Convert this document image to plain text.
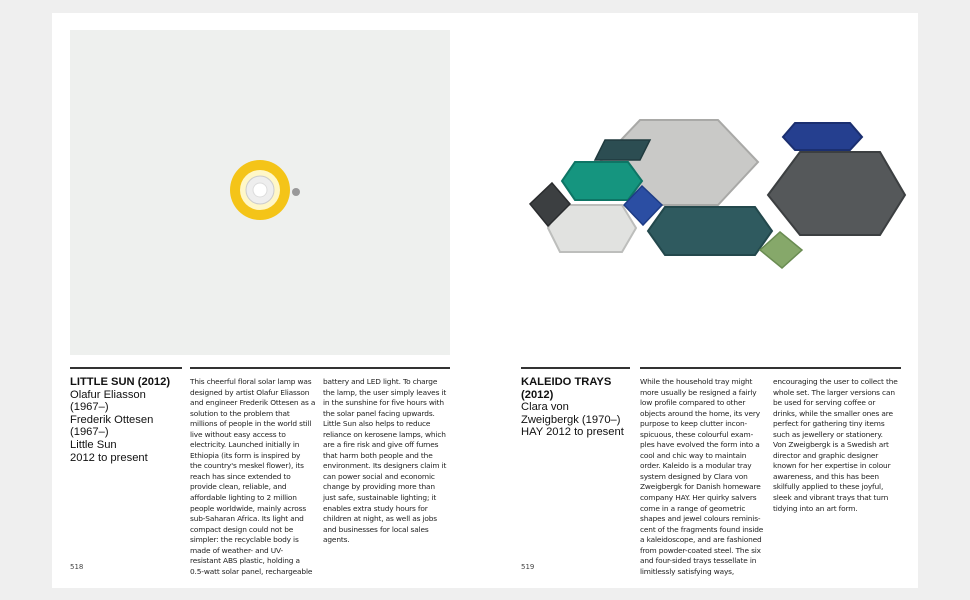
LITTLE SUN (2012)
Olafur Eliasson
(1967–)
Frederik Ottesen
(1967–)
Little Sun
2012 to present
This cheerful floral solar lamp was
designed by artist Olafur Eliasson
and engineer Frederik Ottesen as a
solution to the problem that
millions of people in the world still
live without easy access to
electricity. Launched initially in
Ethiopia (its form is inspired by
the country's meskel flower), its
reach has since extended to
provide clean, reliable, and
affordable lighting to 2 million
people worldwide, mainly across
sub-Saharan Africa. Its light and
compact design could not be
simpler: the recyclable body is
made of weather- and UV-
resistant ABS plastic, holding a
0.5-watt solar panel, rechargeable
battery and LED light. To charge
the lamp, the user simply leaves it
in the sunshine for five hours with
the solar panel facing upwards.
Little Sun also helps to reduce
reliance on kerosene lamps, which
are a fire risk and give off fumes
that harm both people and the
environment. Its designers claim it
can power social and economic
change by providing more than
just safe, sustainable lighting; it
enables extra study hours for
children at night, as well as jobs
and businesses for local sales
agents.
518
KALEIDO TRAYS
(2012)
Clara von
Zweigbergk (1970–)
HAY 2012 to present
While the household tray might
more usually be resigned a fairly
low profile compared to other
objects around the home, its very
purpose to keep clutter incon-
spicuous, these colourful exam-
ples have evolved the form into a
cool and chic way to maintain
order. Kaleido is a modular tray
system designed by Clara von
Zweigbergk for Danish homeware
company HAY. Her quirky salvers
come in a range of geometric
shapes and jewel colours reminis-
cent of the fragments found inside
a kaleidoscope, and are fashioned
from powder-coated steel. The six
and four-sided trays tessellate in
limitlessly satisfying ways,
encouraging the user to collect the
whole set. The larger versions can
be used for serving coffee or
drinks, while the smaller ones are
perfect for gathering tiny items
such as jewellery or stationery.
Von Zweigbergk is a Swedish art
director and graphic designer
known for her expertise in colour
awareness, and this has been
skilfully applied to these joyful,
sleek and vibrant trays that turn
tidying into an art form.
519
